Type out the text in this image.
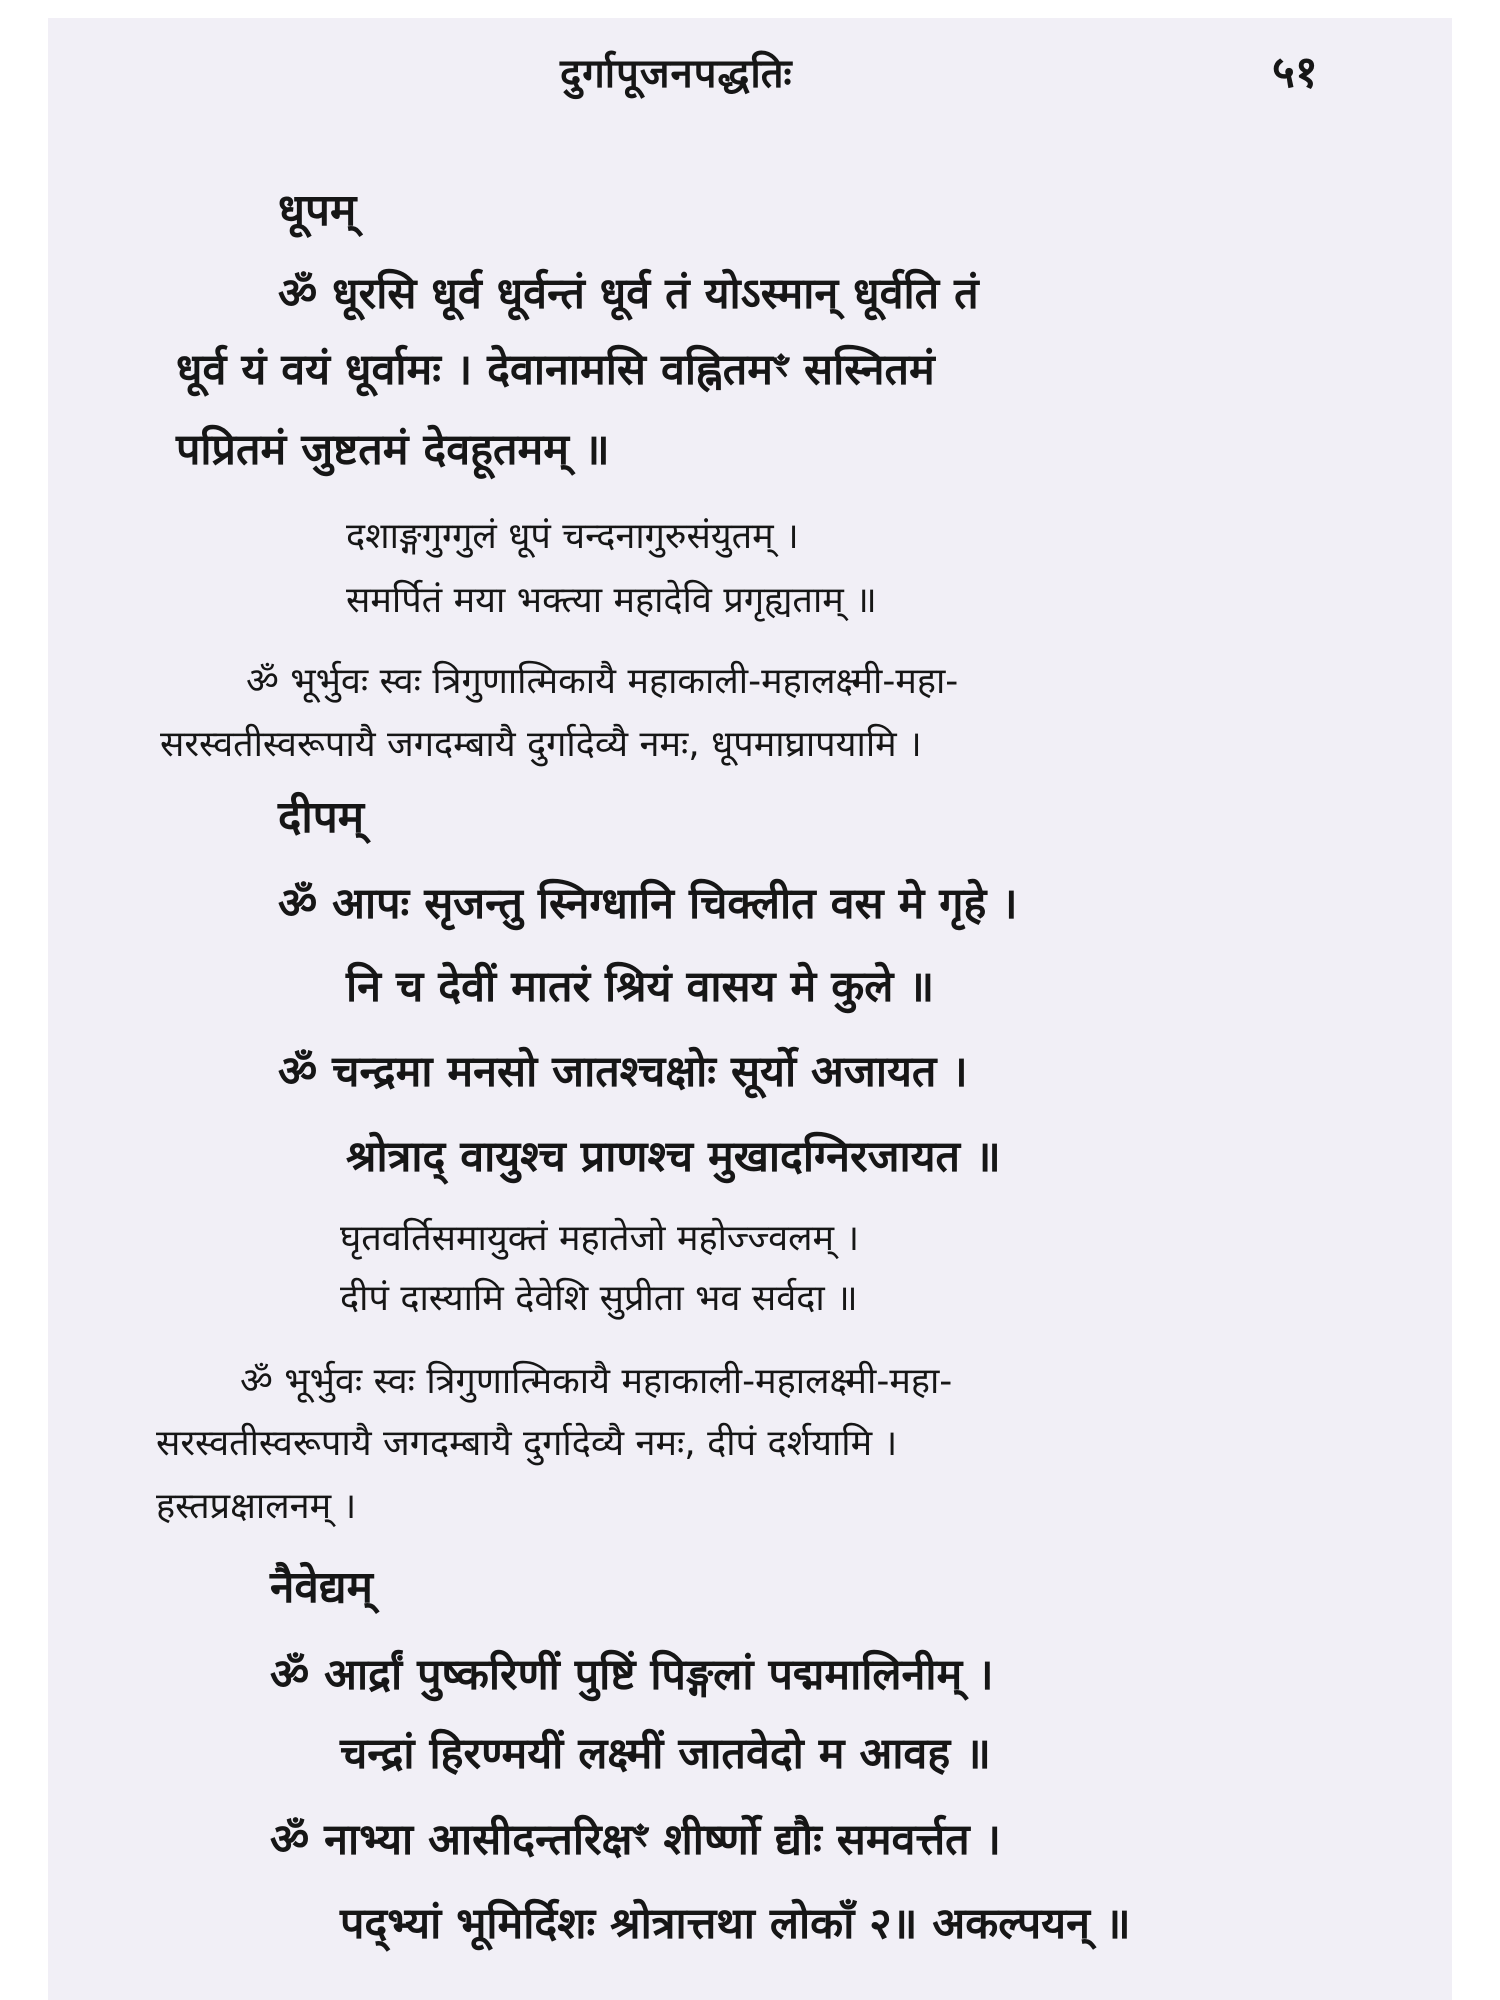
दुर्गापूजनपद्धतिः	५१
धूपम्
ॐ धूरसि धूर्व धूर्वन्तं धूर्व तं योऽस्मान् धूर्वति तं
धूर्व यं वयं धूर्वामः । देवानामसि वह्नितमꣳ सस्नितमं
पप्रितमं जुष्टतमं देवहूतमम् ॥
दशाङ्गगुग्गुलं धूपं चन्दनागुरुसंयुतम् ।
समर्पितं मया भक्त्या महादेवि प्रगृह्यताम् ॥
ॐ भूर्भुवः स्वः त्रिगुणात्मिकायै महाकाली-महालक्ष्मी-महा-
सरस्वतीस्वरूपायै जगदम्बायै दुर्गादेव्यै नमः, धूपमाघ्रापयामि ।
दीपम्
ॐ आपः सृजन्तु स्निग्धानि चिक्लीत वस मे गृहे ।
नि च देवीं मातरं श्रियं वासय मे कुले ॥
ॐ चन्द्रमा मनसो जातश्चक्षोः सूर्यो अजायत ।
श्रोत्राद् वायुश्च प्राणश्च मुखादग्निरजायत ॥
घृतवर्तिसमायुक्तं महातेजो महोज्ज्वलम् ।
दीपं दास्यामि देवेशि सुप्रीता भव सर्वदा ॥
ॐ भूर्भुवः स्वः त्रिगुणात्मिकायै महाकाली-महालक्ष्मी-महा-
सरस्वतीस्वरूपायै जगदम्बायै दुर्गादेव्यै नमः, दीपं दर्शयामि ।
हस्तप्रक्षालनम् ।
नैवेद्यम्
ॐ आर्द्रां पुष्करिणीं पुष्टिं पिङ्गलां पद्ममालिनीम् ।
चन्द्रां हिरण्मयीं लक्ष्मीं जातवेदो म आवह ॥
ॐ नाभ्या आसीदन्तरिक्षꣳ शीर्ष्णो द्यौः समवर्त्तत ।
पद्भ्यां भूमिर्दिशः श्रोत्रात्तथा लोकाँ २॥ अकल्पयन् ॥
